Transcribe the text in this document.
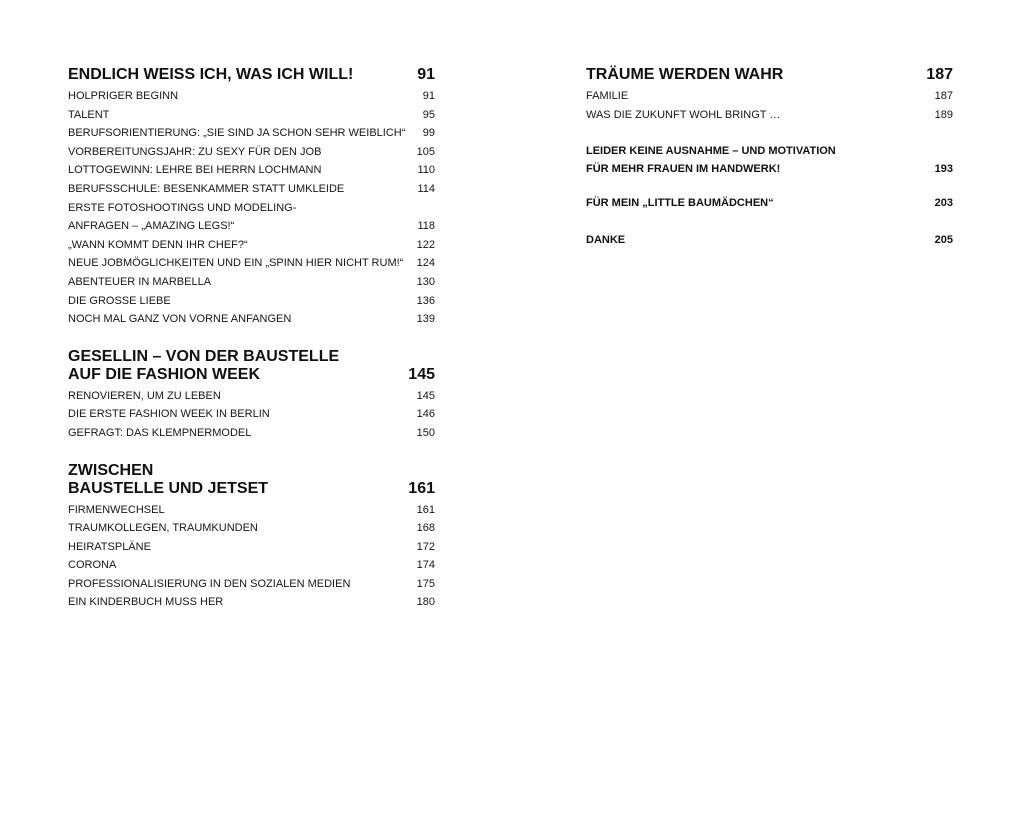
ENDLICH WEISS ICH, WAS ICH WILL!	91
HOLPRIGER BEGINN	91
TALENT	95
BERUFSORIENTIERUNG: „SIE SIND JA SCHON SEHR WEIBLICH“	99
VORBEREITUNGSJAHR: ZU SEXY FÜR DEN JOB	105
LOTTOGEWINN: LEHRE BEI HERRN LOCHMANN	110
BERUFSSCHULE: BESENKAMMER STATT UMKLEIDE	114
ERSTE FOTOSHOOTINGS UND MODELING-
ANFRAGEN – „AMAZING LEGS!“	118
„WANN KOMMT DENN IHR CHEF?“	122
NEUE JOBMÖGLICHKEITEN UND EIN „SPINN HIER NICHT RUM!“	124
ABENTEUER IN MARBELLA	130
DIE GROSSE LIEBE	136
NOCH MAL GANZ VON VORNE ANFANGEN	139
GESELLIN – VON DER BAUSTELLE
AUF DIE FASHION WEEK	145
RENOVIEREN, UM ZU LEBEN	145
DIE ERSTE FASHION WEEK IN BERLIN	146
GEFRAGT: DAS KLEMPNERMODEL	150
ZWISCHEN
BAUSTELLE UND JETSET	161
FIRMENWECHSEL	161
TRAUMKOLLEGEN, TRAUMKUNDEN	168
HEIRATSPLÄNE	172
CORONA	174
PROFESSIONALISIERUNG IN DEN SOZIALEN MEDIEN	175
EIN KINDERBUCH MUSS HER	180
TRÄUME WERDEN WAHR	187
FAMILIE	187
WAS DIE ZUKUNFT WOHL BRINGT …	189
LEIDER KEINE AUSNAHME – UND MOTIVATION
FÜR MEHR FRAUEN IM HANDWERK!	193
FÜR MEIN „LITTLE BAUMÄDCHEN“	203
DANKE	205
